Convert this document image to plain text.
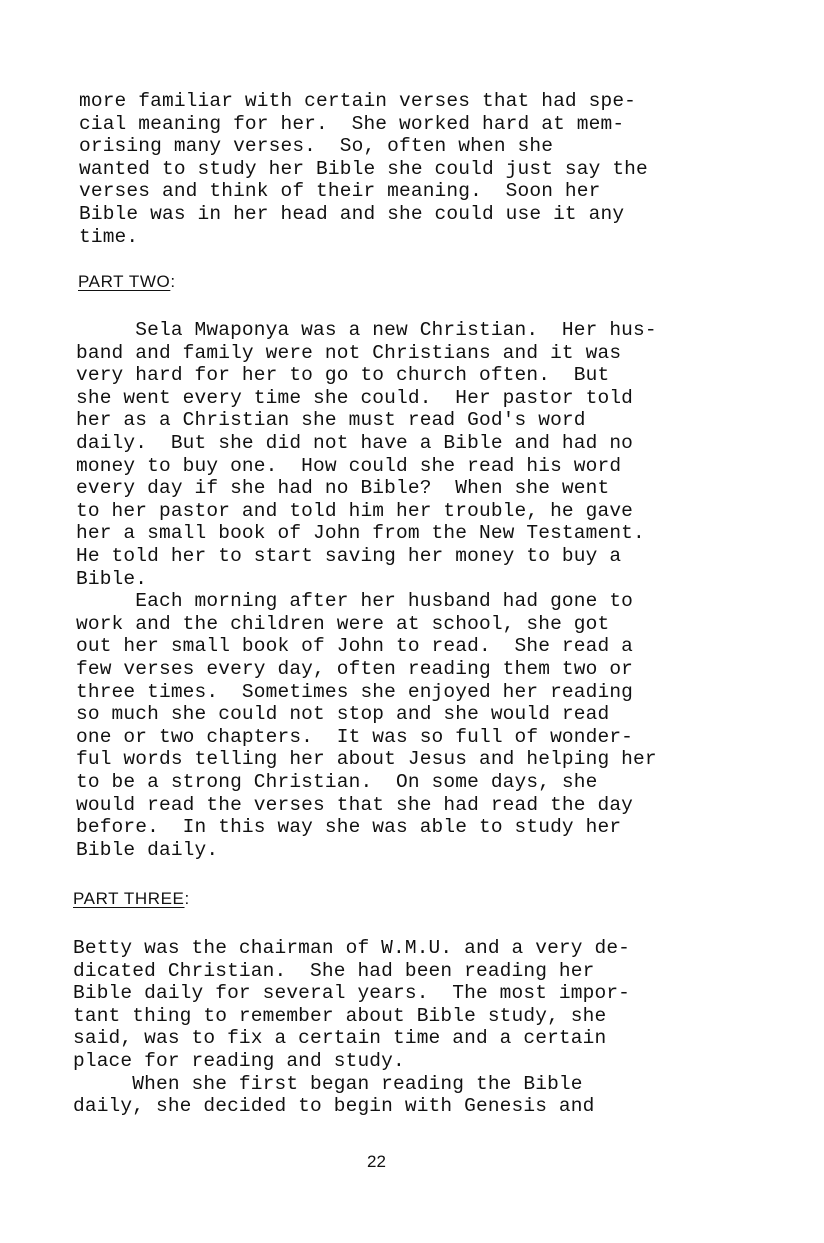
more familiar with certain verses that had spe-

cial meaning for her.  She worked hard at mem-

orising many verses.  So, often when she

wanted to study her Bible she could just say the

verses and think of their meaning.  Soon her

Bible was in her head and she could use it any

time.

PART TWO:

Sela Mwaponya was a new Christian.  Her hus-

band and family were not Christians and it was

very hard for her to go to church often.  But

she went every time she could.  Her pastor told

her as a Christian she must read God's word

daily.  But she did not have a Bible and had no

money to buy one.  How could she read his word

every day if she had no Bible?  When she went

to her pastor and told him her trouble, he gave

her a small book of John from the New Testament.

He told her to start saving her money to buy a

Bible.

Each morning after her husband had gone to

work and the children were at school, she got

out her small book of John to read.  She read a

few verses every day, often reading them two or

three times.  Sometimes she enjoyed her reading

so much she could not stop and she would read

one or two chapters.  It was so full of wonder-

ful words telling her about Jesus and helping her

to be a strong Christian.  On some days, she

would read the verses that she had read the day

before.  In this way she was able to study her

Bible daily.

PART THREE:

Betty was the chairman of W.M.U. and a very de-

dicated Christian.  She had been reading her

Bible daily for several years.  The most impor-

tant thing to remember about Bible study, she

said, was to fix a certain time and a certain

place for reading and study.

When she first began reading the Bible

daily, she decided to begin with Genesis and

22
